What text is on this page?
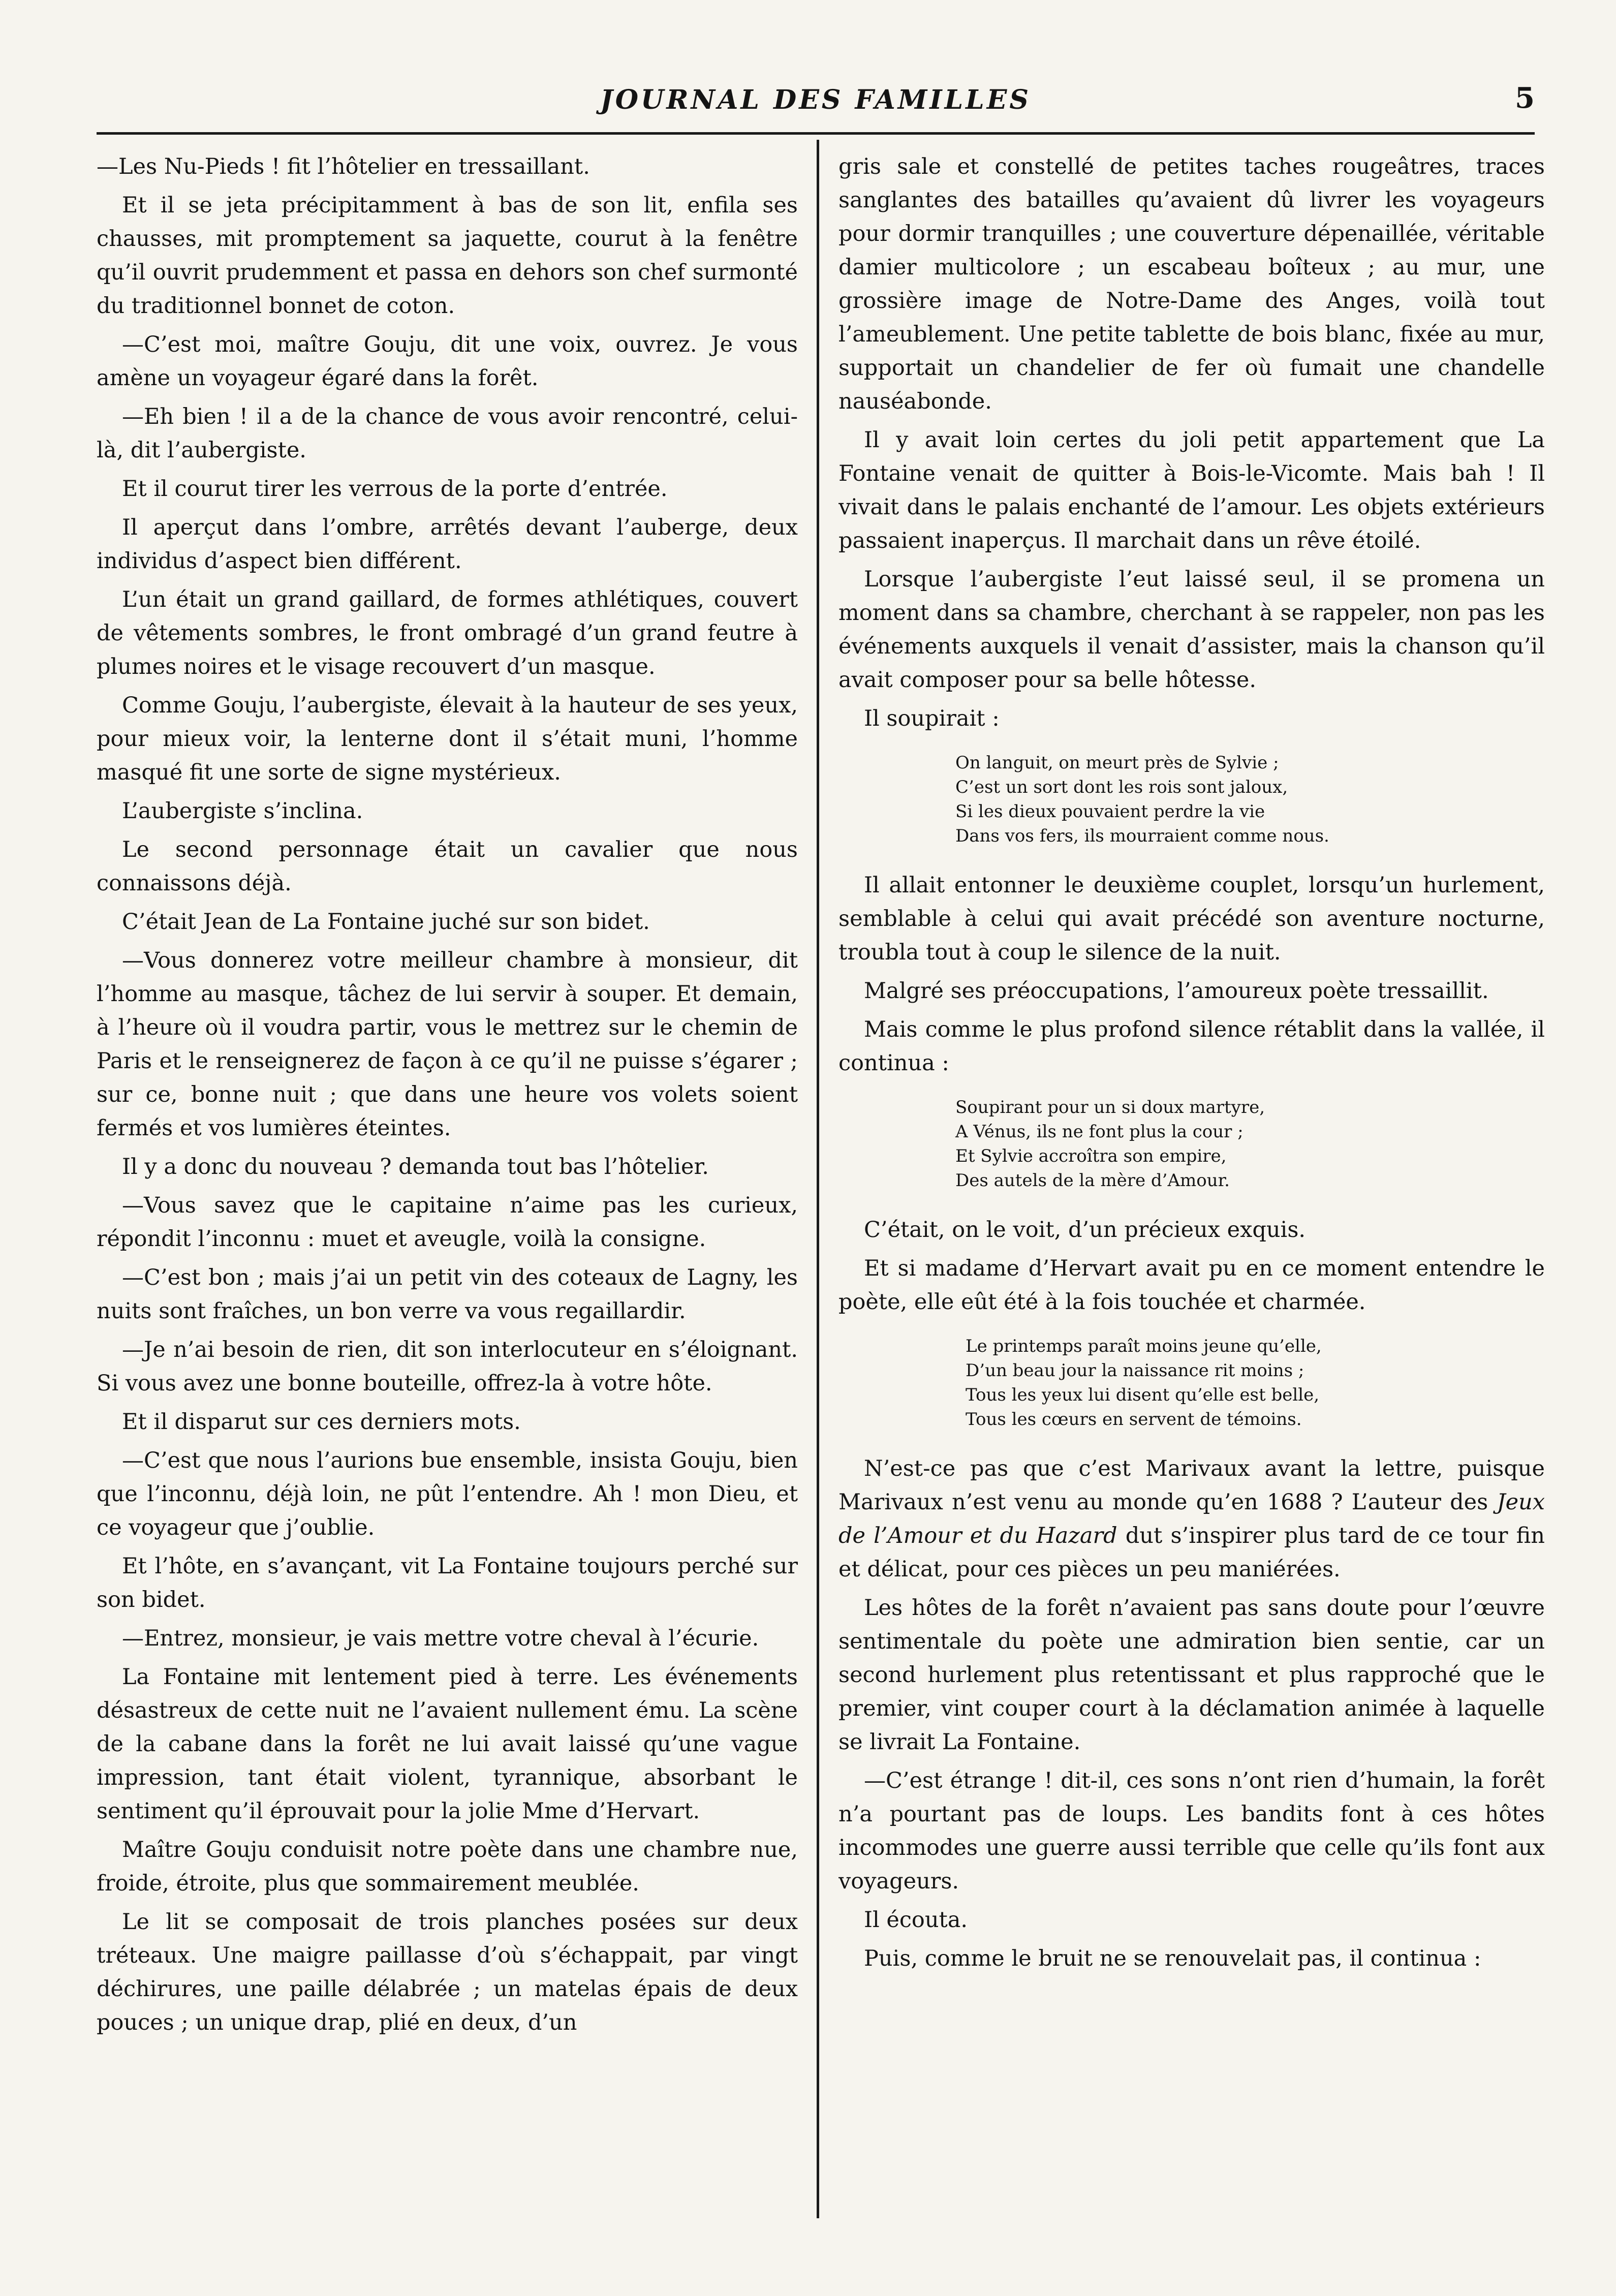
JOURNAL DES FAMILLES	5

—Les Nu-Pieds ! fit l’hôtelier en tressaillant.

Et il se jeta précipitamment à bas de son lit, enfila ses chausses, mit promptement sa jaquette, courut à la fenêtre qu’il ouvrit prudemment et passa en dehors son chef surmonté du traditionnel bonnet de coton.

—C’est moi, maître Gouju, dit une voix, ouvrez. Je vous amène un voyageur égaré dans la forêt.

—Eh bien ! il a de la chance de vous avoir rencontré, celui-là, dit l’aubergiste.

Et il courut tirer les verrous de la porte d’entrée.

Il aperçut dans l’ombre, arrêtés devant l’auberge, deux individus d’aspect bien différent.

L’un était un grand gaillard, de formes athlétiques, couvert de vêtements sombres, le front ombragé d’un grand feutre à plumes noires et le visage recouvert d’un masque.

Comme Gouju, l’aubergiste, élevait à la hauteur de ses yeux, pour mieux voir, la lenterne dont il s’était muni, l’homme masqué fit une sorte de signe mystérieux.

L’aubergiste s’inclina.

Le second personnage était un cavalier que nous connaissons déjà.

C’était Jean de La Fontaine juché sur son bidet.

—Vous donnerez votre meilleur chambre à monsieur, dit l’homme au masque, tâchez de lui servir à souper. Et demain, à l’heure où il voudra partir, vous le mettrez sur le chemin de Paris et le renseignerez de façon à ce qu’il ne puisse s’égarer ; sur ce, bonne nuit ; que dans une heure vos volets soient fermés et vos lumières éteintes.

Il y a donc du nouveau ? demanda tout bas l’hôtelier.

—Vous savez que le capitaine n’aime pas les curieux, répondit l’inconnu : muet et aveugle, voilà la consigne.

—C’est bon ; mais j’ai un petit vin des coteaux de Lagny, les nuits sont fraîches, un bon verre va vous regaillardir.

—Je n’ai besoin de rien, dit son interlocuteur en s’éloignant. Si vous avez une bonne bouteille, offrez-la à votre hôte.

Et il disparut sur ces derniers mots.

—C’est que nous l’aurions bue ensemble, insista Gouju, bien que l’inconnu, déjà loin, ne pût l’entendre. Ah ! mon Dieu, et ce voyageur que j’oublie.

Et l’hôte, en s’avançant, vit La Fontaine toujours perché sur son bidet.

—Entrez, monsieur, je vais mettre votre cheval à l’écurie.

La Fontaine mit lentement pied à terre. Les événements désastreux de cette nuit ne l’avaient nullement ému. La scène de la cabane dans la forêt ne lui avait laissé qu’une vague impression, tant était violent, tyrannique, absorbant le sentiment qu’il éprouvait pour la jolie Mme d’Hervart.

Maître Gouju conduisit notre poète dans une chambre nue, froide, étroite, plus que sommairement meublée.

Le lit se composait de trois planches posées sur deux tréteaux. Une maigre paillasse d’où s’échappait, par vingt déchirures, une paille délabrée ; un matelas épais de deux pouces ; un unique drap, plié en deux, d’un

gris sale et constellé de petites taches rougeâtres, traces sanglantes des batailles qu’avaient dû livrer les voyageurs pour dormir tranquilles ; une couverture dépenaillée, véritable damier multicolore ; un escabeau boîteux ; au mur, une grossière image de Notre-Dame des Anges, voilà tout l’ameublement. Une petite tablette de bois blanc, fixée au mur, supportait un chandelier de fer où fumait une chandelle nauséabonde.

Il y avait loin certes du joli petit appartement que La Fontaine venait de quitter à Bois-le-Vicomte. Mais bah ! Il vivait dans le palais enchanté de l’amour. Les objets extérieurs passaient inaperçus. Il marchait dans un rêve étoilé.

Lorsque l’aubergiste l’eut laissé seul, il se promena un moment dans sa chambre, cherchant à se rappeler, non pas les événements auxquels il venait d’assister, mais la chanson qu’il avait composer pour sa belle hôtesse.

Il soupirait :

On languit, on meurt près de Sylvie ;
C’est un sort dont les rois sont jaloux,
Si les dieux pouvaient perdre la vie
Dans vos fers, ils mourraient comme nous.

Il allait entonner le deuxième couplet, lorsqu’un hurlement, semblable à celui qui avait précédé son aventure nocturne, troubla tout à coup le silence de la nuit.

Malgré ses préoccupations, l’amoureux poète tressaillit.

Mais comme le plus profond silence rétablit dans la vallée, il continua :

Soupirant pour un si doux martyre,
A Vénus, ils ne font plus la cour ;
Et Sylvie accroîtra son empire,
Des autels de la mère d’Amour.

C’était, on le voit, d’un précieux exquis.

Et si madame d’Hervart avait pu en ce moment entendre le poète, elle eût été à la fois touchée et charmée.

Le printemps paraît moins jeune qu’elle,
D’un beau jour la naissance rit moins ;
Tous les yeux lui disent qu’elle est belle,
Tous les cœurs en servent de témoins.

N’est-ce pas que c’est Marivaux avant la lettre, puisque Marivaux n’est venu au monde qu’en 1688 ? L’auteur des Jeux de l’Amour et du Hazard dut s’inspirer plus tard de ce tour fin et délicat, pour ces pièces un peu maniérées.

Les hôtes de la forêt n’avaient pas sans doute pour l’œuvre sentimentale du poète une admiration bien sentie, car un second hurlement plus retentissant et plus rapproché que le premier, vint couper court à la déclamation animée à laquelle se livrait La Fontaine.

—C’est étrange ! dit-il, ces sons n’ont rien d’humain, la forêt n’a pourtant pas de loups. Les bandits font à ces hôtes incommodes une guerre aussi terrible que celle qu’ils font aux voyageurs.

Il écouta.

Puis, comme le bruit ne se renouvelait pas, il continua :
